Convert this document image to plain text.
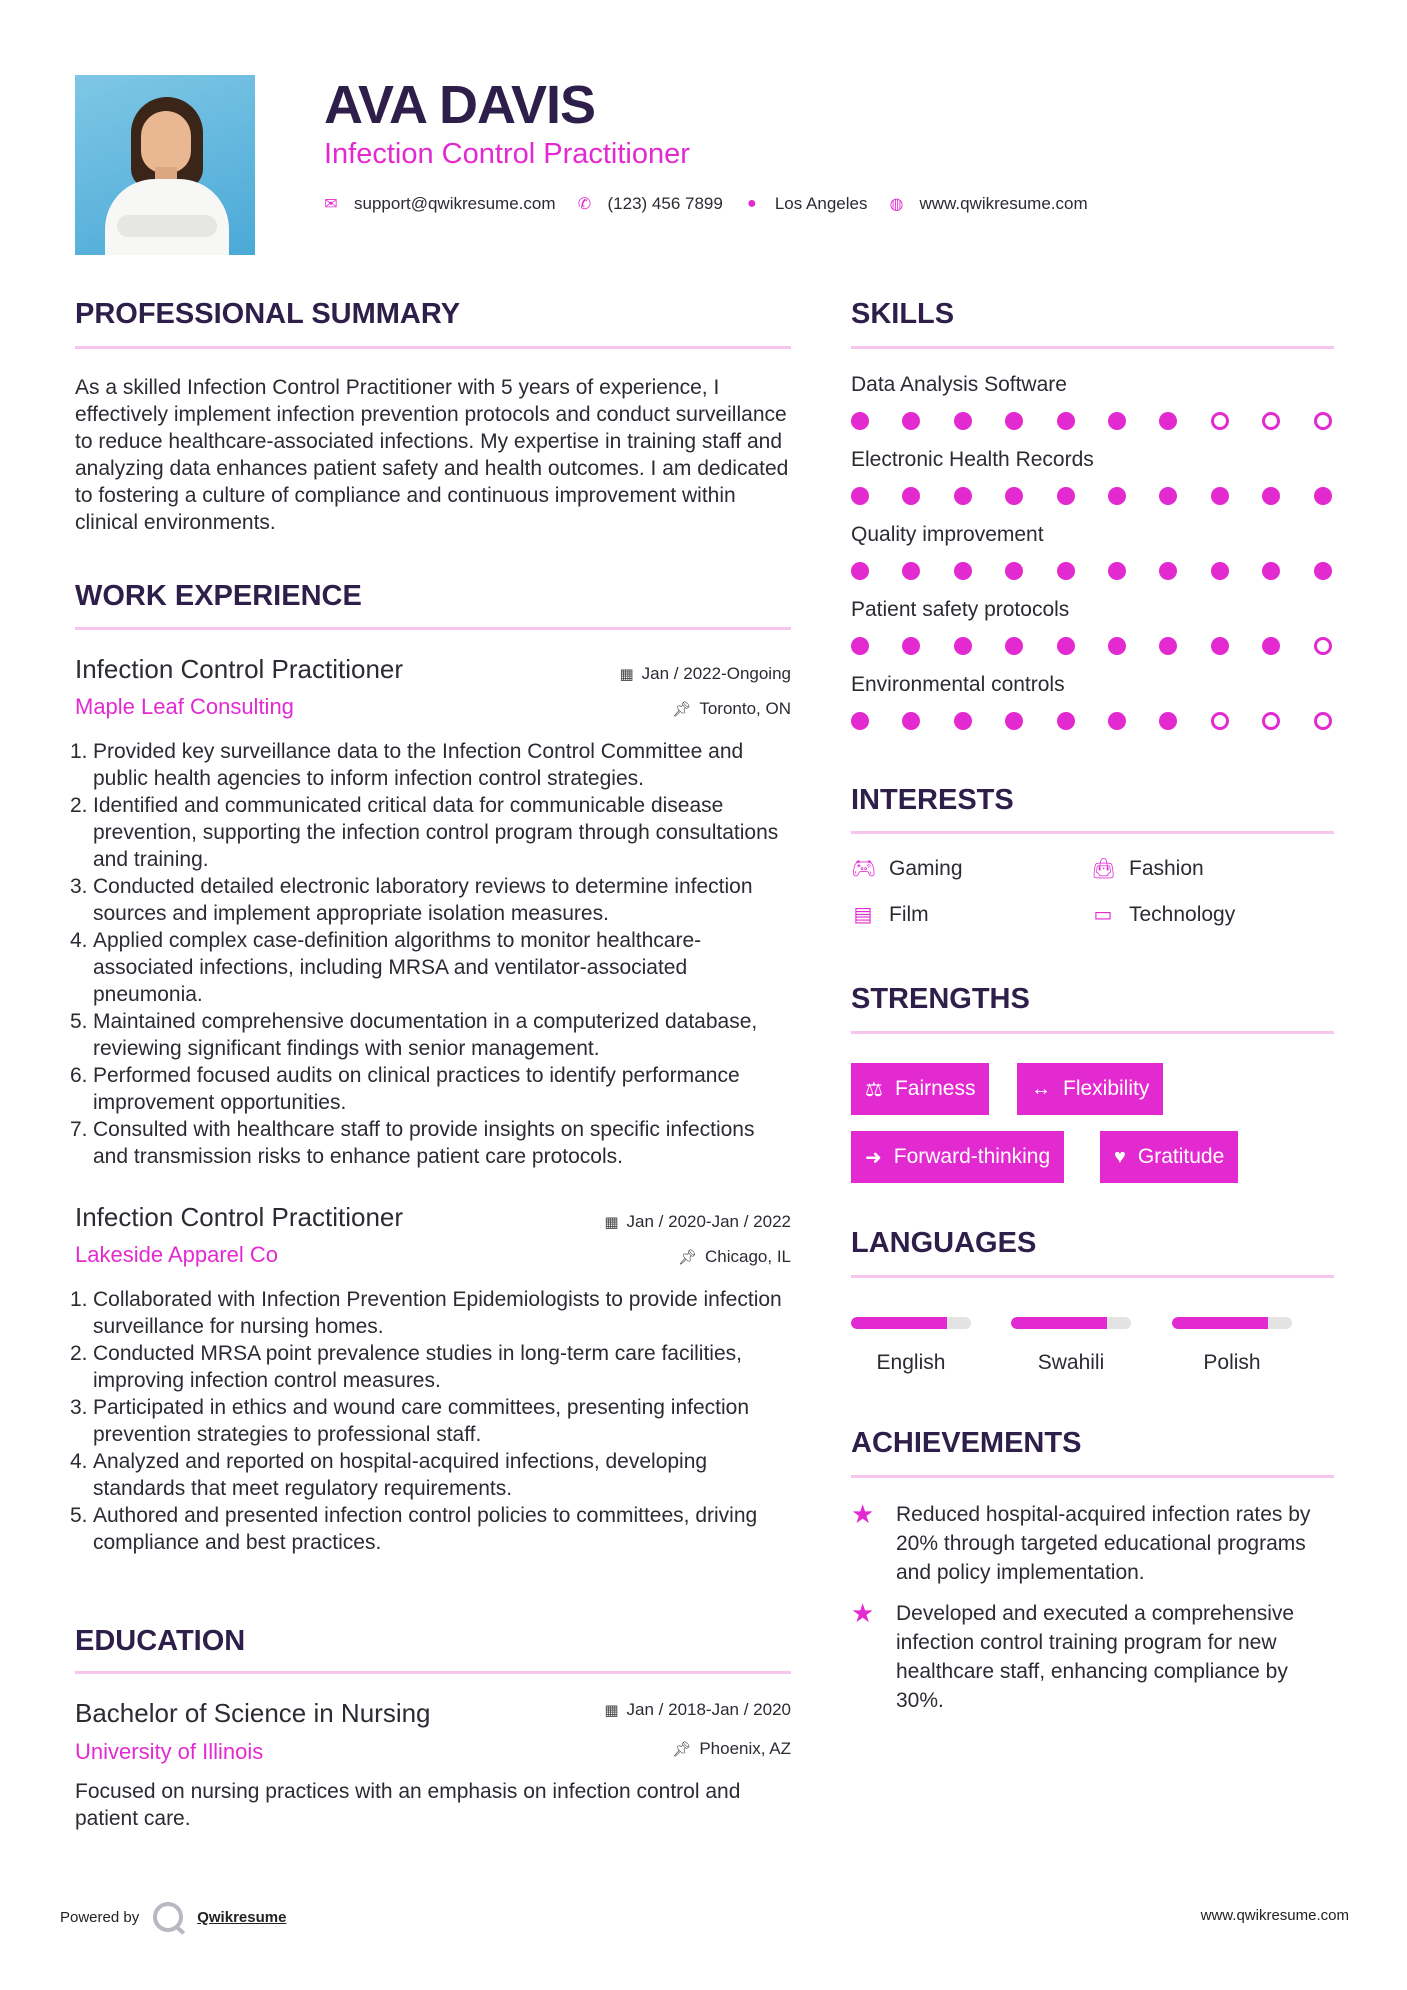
AVA DAVIS
Infection Control Practitioner
✉ support@qwikresume.com ✆ (123) 456 7899 ● Los Angeles ◍ www.qwikresume.com
PROFESSIONAL SUMMARY
As a skilled Infection Control Practitioner with 5 years of experience, I effectively implement infection prevention protocols and conduct surveillance to reduce healthcare-associated infections. My expertise in training staff and analyzing data enhances patient safety and health outcomes. I am dedicated to fostering a culture of compliance and continuous improvement within clinical environments.
WORK EXPERIENCE
Infection Control Practitioner
Maple Leaf Consulting
▦ Jan / 2022-Ongoing
📌︎ Toronto, ON
1. Provided key surveillance data to the Infection Control Committee and public health agencies to inform infection control strategies.
2. Identified and communicated critical data for communicable disease prevention, supporting the infection control program through consultations and training.
3. Conducted detailed electronic laboratory reviews to determine infection sources and implement appropriate isolation measures.
4. Applied complex case-definition algorithms to monitor healthcare-associated infections, including MRSA and ventilator-associated pneumonia.
5. Maintained comprehensive documentation in a computerized database, reviewing significant findings with senior management.
6. Performed focused audits on clinical practices to identify performance improvement opportunities.
7. Consulted with healthcare staff to provide insights on specific infections and transmission risks to enhance patient care protocols.
Infection Control Practitioner
Lakeside Apparel Co
▦ Jan / 2020-Jan / 2022
📌︎ Chicago, IL
1. Collaborated with Infection Prevention Epidemiologists to provide infection surveillance for nursing homes.
2. Conducted MRSA point prevalence studies in long-term care facilities, improving infection control measures.
3. Participated in ethics and wound care committees, presenting infection prevention strategies to professional staff.
4. Analyzed and reported on hospital-acquired infections, developing standards that meet regulatory requirements.
5. Authored and presented infection control policies to committees, driving compliance and best practices.
EDUCATION
Bachelor of Science in Nursing
University of Illinois
▦ Jan / 2018-Jan / 2020
📌︎ Phoenix, AZ
Focused on nursing practices with an emphasis on infection control and patient care.
SKILLS
Data Analysis Software
Electronic Health Records
Quality improvement
Patient safety protocols
Environmental controls
INTERESTS
🎮︎ Gaming	👜︎ Fashion
▤ Film	▭ Technology
STRENGTHS
⚖ Fairness	↔ Flexibility
➜ Forward-thinking	♥ Gratitude
LANGUAGES
English	Swahili	Polish
ACHIEVEMENTS
★	Reduced hospital-acquired infection rates by 20% through targeted educational programs and policy implementation.
★	Developed and executed a comprehensive infection control training program for new healthcare staff, enhancing compliance by 30%.
Powered by	Qwikresume	www.qwikresume.com
